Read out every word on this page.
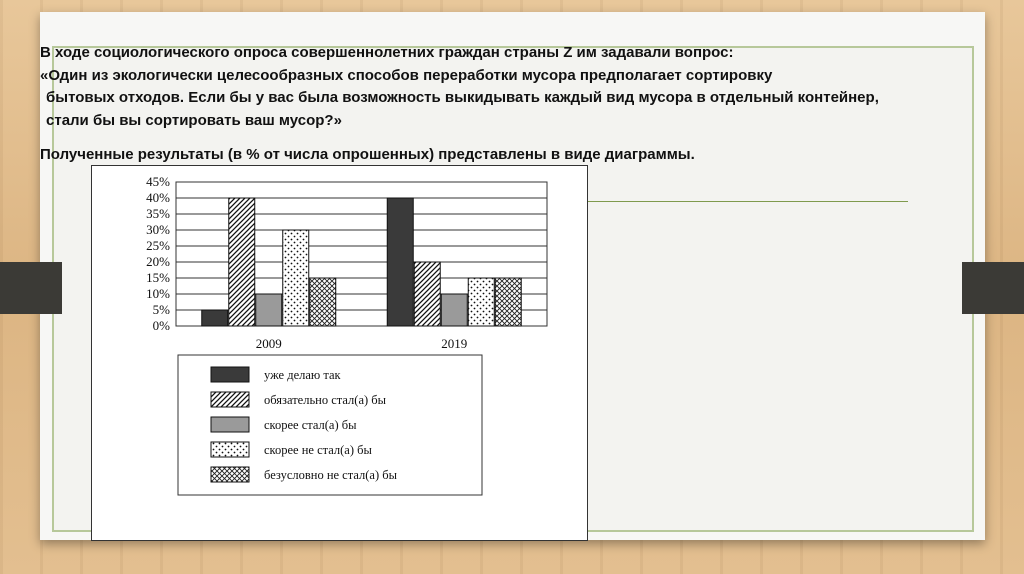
В ходе социологического опроса совершеннолетних граждан страны Z им задавали вопрос:
«Один из экологически целесообразных способов переработки мусора предполагает сортировку
бытовых отходов. Если бы у вас была возможность выкидывать каждый вид мусора в отдельный контейнер,
стали бы вы сортировать ваш мусор?»
Полученные результаты (в % от числа опрошенных) представлены в виде диаграммы.
0%
5%
10%
15%
20%
25%
30%
35%
40%
45%
2009	2019
уже делаю так
обязательно стал(а) бы
скорее стал(а) бы
скорее не стал(а) бы
безусловно не стал(а) бы
